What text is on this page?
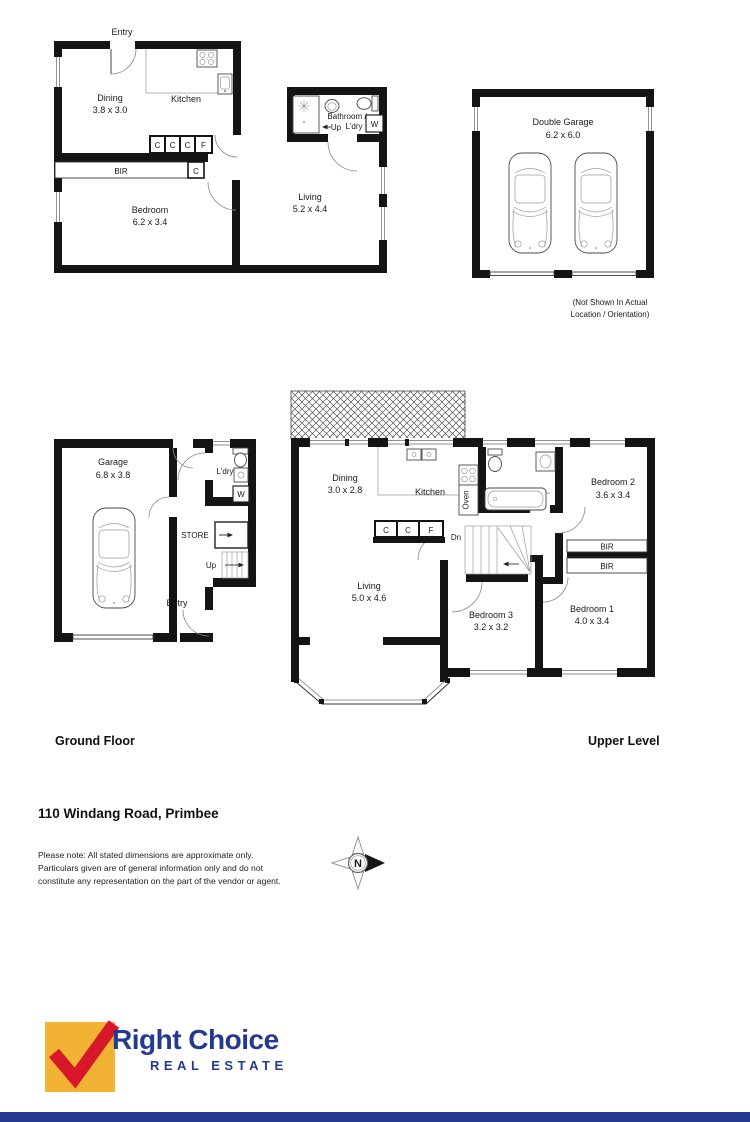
Entry
Dining
3.8 x 3.0
Kitchen
Bathroom /
Up L'dry W
BIR
C C C F
C
Bedroom
6.2 x 3.4
Living
5.2 x 4.4
Double Garage
6.2 x 6.0
(Not Shown In Actual
Location / Orientation)
Garage
6.8 x 3.8	L'dry
W
STORE
Up
Entry
Dining
3.0 x 2.8	Kitchen Oven
Bedroom 2
3.6 x 3.4
C C F
Dn
BIR
BIR
Living
5.0 x 4.6
Bedroom 3
3.2 x 3.2
Bedroom 1
4.0 x 3.4
Ground Floor	Upper Level
110 Windang Road, Primbee
Please note: All stated dimensions are approximate only.
Particulars given are of general information only and do not
constitute any representation on the part of the vendor or agent.
N
Right Choice
REAL ESTATE
